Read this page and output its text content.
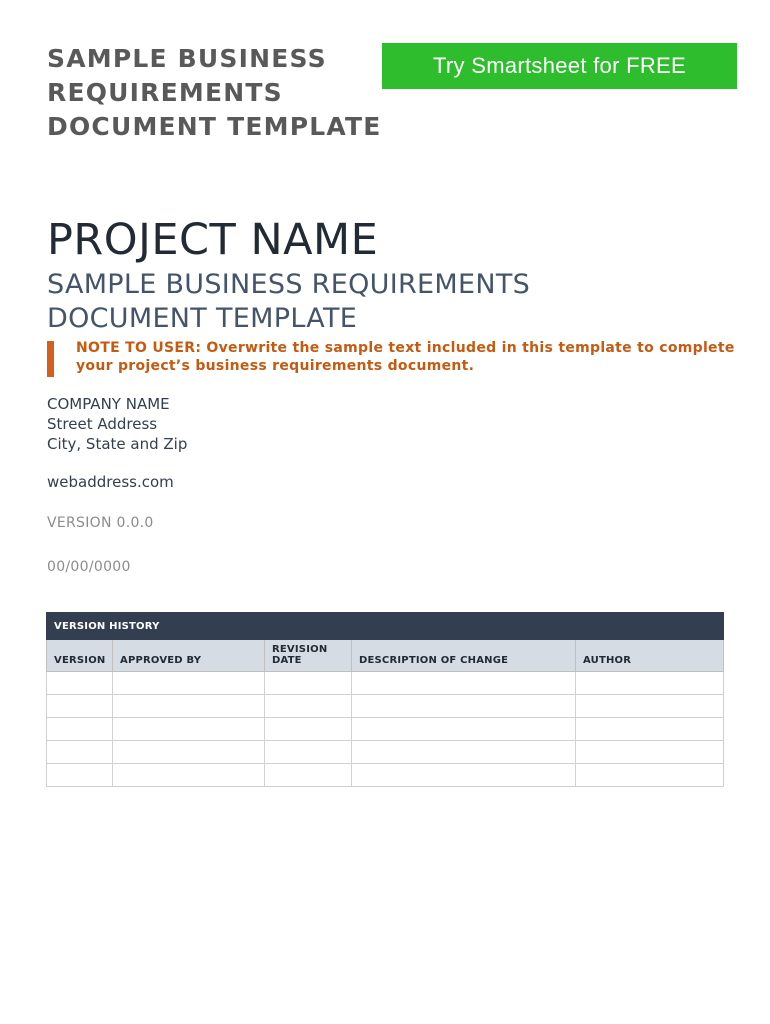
SAMPLE BUSINESS REQUIREMENTS DOCUMENT TEMPLATE
Try Smartsheet for FREE
PROJECT NAME
SAMPLE BUSINESS REQUIREMENTS DOCUMENT TEMPLATE

NOTE TO USER: Overwrite the sample text included in this template to complete your project’s business requirements document.

COMPANY NAME
Street Address
City, State and Zip
webaddress.com
VERSION 0.0.0
00/00/0000
VERSION HISTORY				
VERSION	APPROVED BY	REVISION DATE	DESCRIPTION OF CHANGE	AUTHOR
